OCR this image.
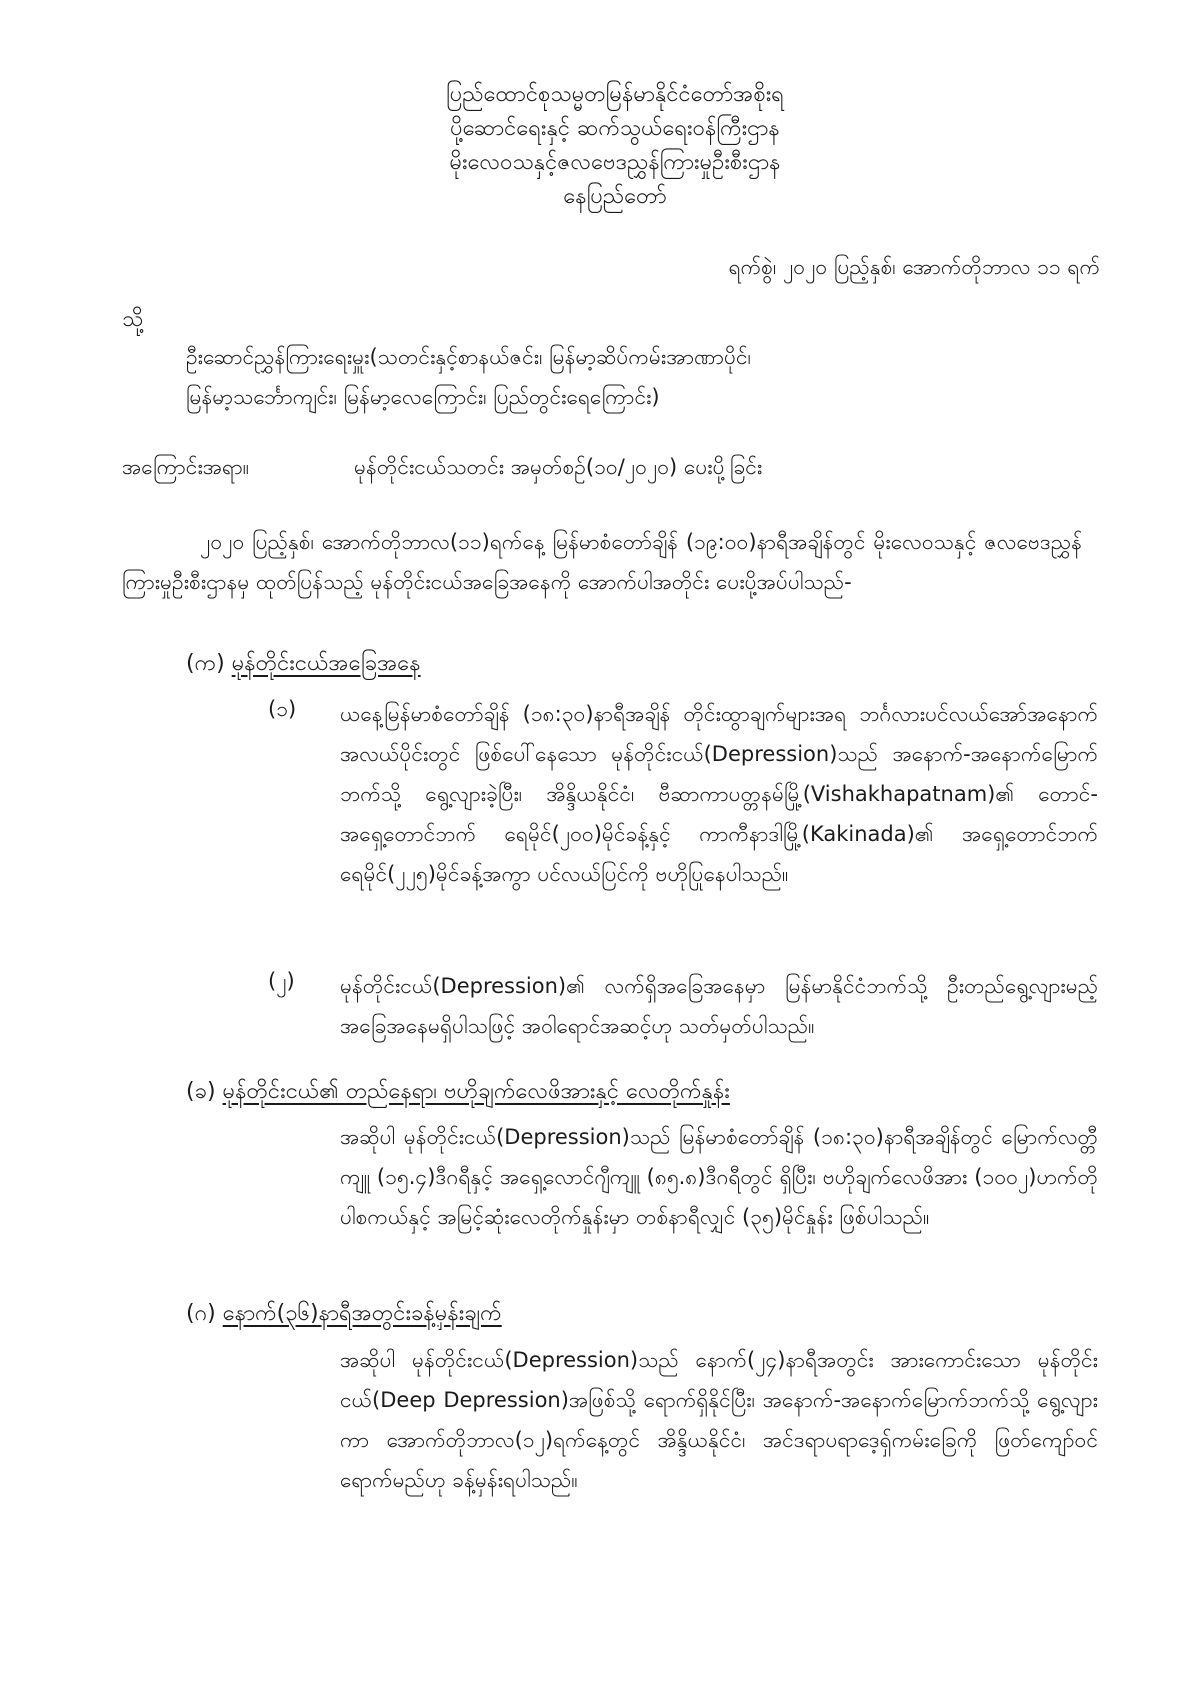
ပြည်ထောင်စုသမ္မတမြန်မာနိုင်ငံတော်အစိုးရ
ပို့ဆောင်ရေးနှင့် ဆက်သွယ်ရေးဝန်ကြီးဌာန
မိုးလေဝသနှင့်ဇလဗေဒညွှန်ကြားမှုဦးစီးဌာန
နေပြည်တော်
ရက်စွဲ၊ ၂၀၂၀ ပြည့်နှစ်၊ အောက်တိုဘာလ ၁၁ ရက်
သို့
ဦးဆောင်ညွှန်ကြားရေးမှူး(သတင်းနှင့်စာနယ်ဇင်း၊ မြန်မာ့ဆိပ်ကမ်းအာဏာပိုင်၊
မြန်မာ့သင်္ဘောကျင်း၊ မြန်မာ့လေကြောင်း၊ ပြည်တွင်းရေကြောင်း)
အကြောင်းအရာ။	မုန်တိုင်းငယ်သတင်း အမှတ်စဉ်(၁၀/၂၀၂၀) ပေးပို့ခြင်း
၂၀၂၀ ပြည့်နှစ်၊ အောက်တိုဘာလ(၁၁)ရက်နေ့ မြန်မာစံတော်ချိန် (၁၉:၀၀)နာရီအချိန်တွင် မိုးလေဝသနှင့် ဇလဗေဒညွှန်ကြားမှုဦးစီးဌာနမှ ထုတ်ပြန်သည့် မုန်တိုင်းငယ်အခြေအနေကို အောက်ပါအတိုင်း ပေးပို့အပ်ပါသည်-
(က) မုန်တိုင်းငယ်အခြေအနေ
(၁) ယနေ့မြန်မာစံတော်ချိန် (၁၈:၃၀)နာရီအချိန် တိုင်းထွာချက်များအရ ဘင်္ဂလားပင်လယ်အော်အနောက်အလယ်ပိုင်းတွင် ဖြစ်ပေါ်နေသော မုန်တိုင်းငယ်(Depression)သည် အနောက်-အနောက်မြောက်ဘက်သို့ ရွေ့လျားခဲ့ပြီး၊ အိန္ဒိယနိုင်ငံ၊ ဗီဆာကာပတ္တနမ်မြို့(Vishakhapatnam)၏ တောင်-အရှေ့တောင်ဘက် ရေမိုင်(၂၀၀)မိုင်ခန့်နှင့် ကာကီနာဒါမြို့(Kakinada)၏ အရှေ့တောင်ဘက် ရေမိုင်(၂၂၅)မိုင်ခန့်အကွာ ပင်လယ်ပြင်ကို ဗဟိုပြုနေပါသည်။
(၂) မုန်တိုင်းငယ်(Depression)၏ လက်ရှိအခြေအနေမှာ မြန်မာနိုင်ငံဘက်သို့ ဦးတည်ရွေ့လျားမည့် အခြေအနေမရှိပါသဖြင့် အဝါရောင်အဆင့်ဟု သတ်မှတ်ပါသည်။
(ခ) မုန်တိုင်းငယ်၏ တည်နေရာ၊ ဗဟိုချက်လေဖိအားနှင့် လေတိုက်နှုန်း
အဆိုပါ မုန်တိုင်းငယ်(Depression)သည် မြန်မာစံတော်ချိန် (၁၈:၃၀)နာရီအချိန်တွင် မြောက်လတ္တီကျူ (၁၅.၄)ဒီဂရီနှင့် အရှေ့လောင်ဂျီကျူ (၈၅.၈)ဒီဂရီတွင် ရှိပြီး၊ ဗဟိုချက်လေဖိအား (၁၀၀၂)ဟက်တိုပါစကယ်နှင့် အမြင့်ဆုံးလေတိုက်နှုန်းမှာ တစ်နာရီလျှင် (၃၅)မိုင်နှုန်း ဖြစ်ပါသည်။
(ဂ) နောက်(၃၆)နာရီအတွင်းခန့်မှန်းချက်
အဆိုပါ မုန်တိုင်းငယ်(Depression)သည် နောက်(၂၄)နာရီအတွင်း အားကောင်းသော မုန်တိုင်းငယ်(Deep Depression)အဖြစ်သို့ ရောက်ရှိနိုင်ပြီး၊ အနောက်-အနောက်မြောက်ဘက်သို့ ရွေ့လျားကာ အောက်တိုဘာလ(၁၂)ရက်နေ့တွင် အိန္ဒိယနိုင်ငံ၊ အင်ဒရာပရာဒေ့ရှ်ကမ်းခြေကို ဖြတ်ကျော်ဝင်ရောက်မည်ဟု ခန့်မှန်းရပါသည်။
